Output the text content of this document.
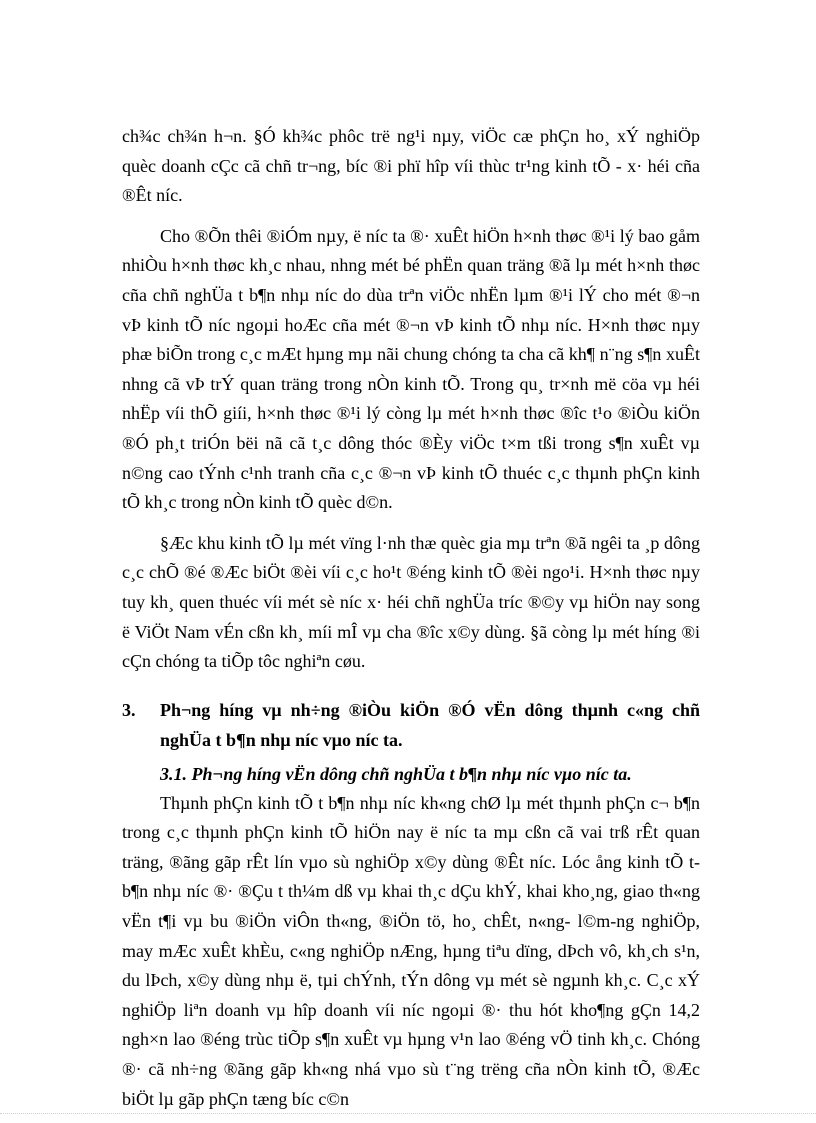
ch¾c ch¾n h¬n. §Ó kh¾c phôc trë ng¹i nµy, viÖc cæ phÇn ho¸ xÝ nghiÖp quèc doanh cÇc cã chñ tr¬ng, bíc ®i phï hîp víi thùc tr¹ng kinh tÕ - x· héi cña ®Êt níc.

Cho ®Õn thêi ®iÓm nµy, ë níc ta ®· xuÊt hiÖn h×nh thøc ®¹i lý bao gåm nhiÒu h×nh thøc kh¸c nhau, nhng mét bé phËn quan träng ®ã lµ mét h×nh thøc cña chñ nghÜa t b¶n nhµ níc do dùa trªn viÖc nhËn lµm ®¹i lÝ cho mét ®¬n vÞ kinh tÕ níc ngoµi hoÆc cña mét ®¬n vÞ kinh tÕ nhµ níc. H×nh thøc nµy phæ biÕn trong c¸c mÆt hµng mµ nãi chung chóng ta cha cã kh¶ n¨ng s¶n xuÊt nhng cã vÞ trÝ quan träng trong nÒn kinh tÕ. Trong qu¸ tr×nh më cöa vµ héi nhËp víi thÕ giíi, h×nh thøc ®¹i lý còng lµ mét h×nh thøc ®îc t¹o ®iÒu kiÖn ®Ó ph¸t triÓn bëi nã cã t¸c dông thóc ®Èy viÖc t×m tßi trong s¶n xuÊt vµ n©ng cao tÝnh c¹nh tranh cña c¸c ®¬n vÞ kinh tÕ thuéc c¸c thµnh phÇn kinh tÕ kh¸c trong nÒn kinh tÕ quèc d©n.

§Æc khu kinh tÕ lµ mét vïng l·nh thæ quèc gia mµ trªn ®ã ngêi ta ¸p dông c¸c chÕ ®é ®Æc biÖt ®èi víi c¸c ho¹t ®éng kinh tÕ ®èi ngo¹i. H×nh thøc nµy tuy kh¸ quen thuéc víi mét sè níc x· héi chñ nghÜa tríc ®©y vµ hiÖn nay song ë ViÖt Nam vÉn cßn kh¸ míi mÎ vµ cha ®îc x©y dùng. §ã còng lµ mét híng ®i cÇn chóng ta tiÕp tôc nghiªn cøu.

3. Ph¬ng híng vµ nh÷ng ®iÒu kiÖn ®Ó vËn dông thµnh c«ng chñ nghÜa t b¶n nhµ níc vµo níc ta.

3.1. Ph¬ng híng vËn dông chñ nghÜa t b¶n nhµ níc vµo níc ta.

Thµnh phÇn kinh tÕ t b¶n nhµ níc kh«ng chØ lµ mét thµnh phÇn c¬ b¶n trong c¸c thµnh phÇn kinh tÕ hiÖn nay ë níc ta mµ cßn cã vai trß rÊt quan träng, ®ãng gãp rÊt lín vµo sù nghiÖp x©y dùng ®Êt níc. Lóc ång kinh tÕ t b¶n nhµ níc ®· ®Çu t th¼m dß vµ khai th¸c dÇu khÝ, khai kho¸ng, giao th«ng vËn t¶i vµ bu ®iÖn viÔn th«ng, ®iÖn tö, ho¸ chÊt, n«ng- l©m-ng nghiÖp, may mÆc xuÊt khÈu, c«ng nghiÖp nÆng, hµng tiªu dïng, dÞch vô, kh¸ch s¹n, du lÞch, x©y dùng nhµ ë, tµi chÝnh, tÝn dông vµ mét sè ngµnh kh¸c. C¸c xÝ nghiÖp liªn doanh vµ hîp doanh víi níc ngoµi ®· thu hót kho¶ng gÇn 14,2 ngh×n lao ®éng trùc tiÕp s¶n xuÊt vµ hµng v¹n lao ®éng vÖ tinh kh¸c. Chóng ®· cã nh÷ng ®ãng gãp kh«ng nhá vµo sù t¨ng trëng cña nÒn kinh tÕ, ®Æc biÖt lµ gãp phÇn tæng bíc c©n
